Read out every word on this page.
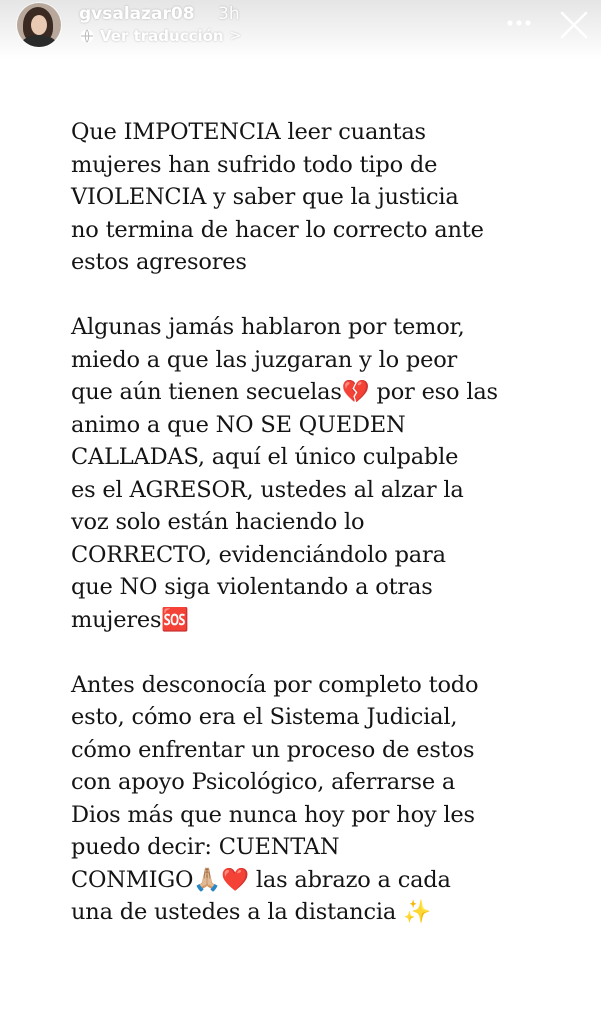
gvsalazar08 3h
Ver traducción >

Que IMPOTENCIA leer cuantas
mujeres han sufrido todo tipo de
VIOLENCIA y saber que la justicia
no termina de hacer lo correcto ante
estos agresores

Algunas jamás hablaron por temor,
miedo a que las juzgaran y lo peor
que aún tienen secuelas💔 por eso las
animo a que NO SE QUEDEN
CALLADAS, aquí el único culpable
es el AGRESOR, ustedes al alzar la
voz solo están haciendo lo
CORRECTO, evidenciándolo para
que NO siga violentando a otras
mujeres🆘

Antes desconocía por completo todo
esto, cómo era el Sistema Judicial,
cómo enfrentar un proceso de estos
con apoyo Psicológico, aferrarse a
Dios más que nunca hoy por hoy les
puedo decir: CUENTAN
CONMIGO🙏🏼❤️ las abrazo a cada
una de ustedes a la distancia ✨
